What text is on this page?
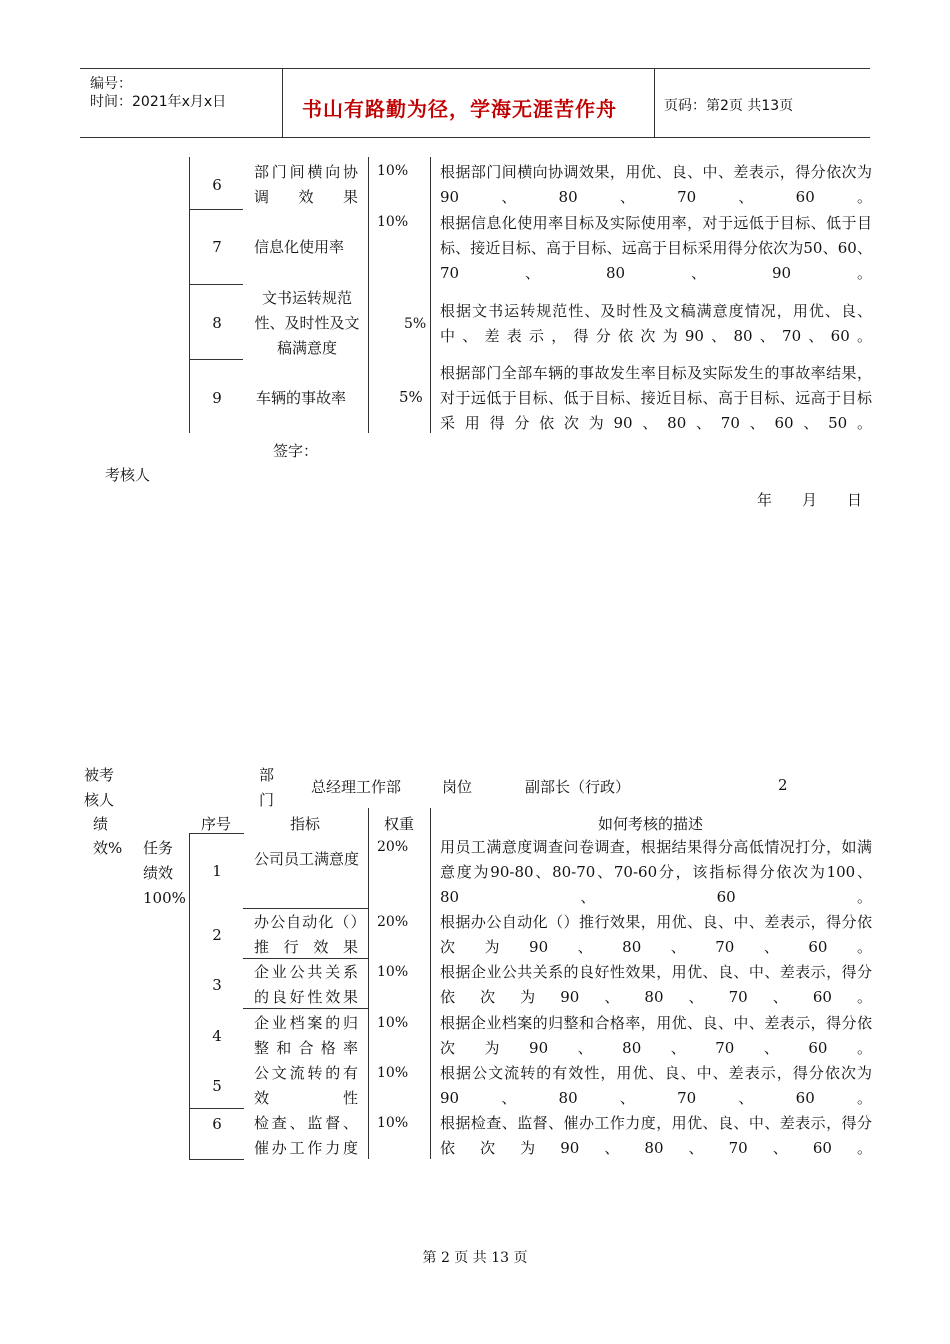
编号：
时间：2021年x月x日	书山有路勤为径，学海无涯苦作舟	页码：第2页 共13页
6
部门间横向协调效果
10% 根据部门间横向协调效果，用优、良、中、差表示，得分依次为90、80、70、60。
7	信息化使用率
10% 根据信息化使用率目标及实际使用率，对于远低于目标、低于目标、接近目标、高于目标、远高于目标采用得分依次为50、60、70、80、90。
8
文书运转规范性、及时性及文稿满意度
5%
根据文书运转规范性、及时性及文稿满意度情况，用优、良、中、差表示，得分依次为90、80、70、60。
9	车辆的事故率	5%
根据部门全部车辆的事故发生率目标及实际发生的事故率结果，对于远低于目标、低于目标、接近目标、高于目标、远高于目标采用得分依次为90、80、70、60、50。
签字：
考核人
年　　月　　日
被考核人
部门
总经理工作部	岗位	副部长（行政）	2
绩	序号	指标	权重	如何考核的描述
效% 任务绩效100%
1
公司员工满意度
20% 用员工满意度调查问卷调查，根据结果得分高低情况打分，如满意度为90-80、80-70、70-60分，该指标得分依次为100、80、60。
2
办公自动化（）推行效果
20% 根据办公自动化（）推行效果，用优、良、中、差表示，得分依次为90、80、70、60。
3
企业公共关系的良好性效果
10% 根据企业公共关系的良好性效果，用优、良、中、差表示，得分依次为90、80、70、60。
4
企业档案的归整和合格率
10% 根据企业档案的归整和合格率，用优、良、中、差表示，得分依次为90、80、70、60。
5
公文流转的有效性
10% 根据公文流转的有效性，用优、良、中、差表示，得分依次为90、80、70、60。
6	检查、监督、催办工作力度
10% 根据检查、监督、催办工作力度，用优、良、中、差表示，得分依次为90、80、70、60。
第 2 页 共 13 页
